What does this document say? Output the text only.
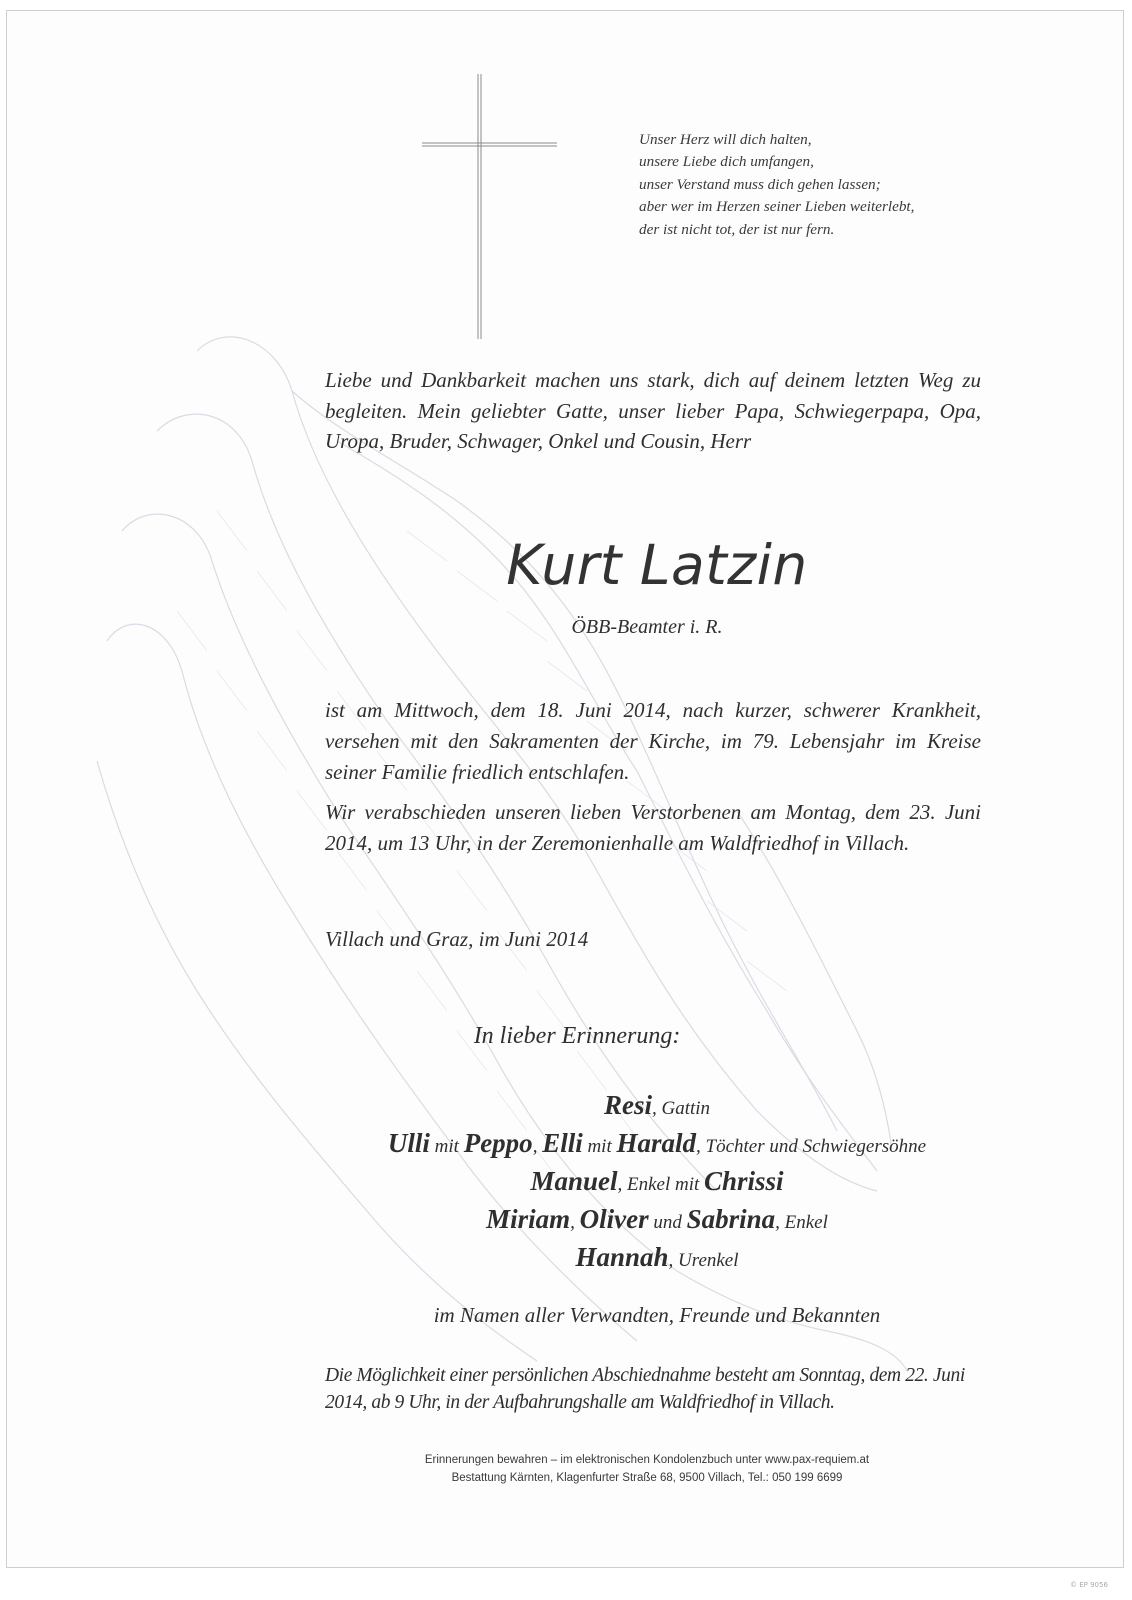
Unser Herz will dich halten,
unsere Liebe dich umfangen,
unser Verstand muss dich gehen lassen;
aber wer im Herzen seiner Lieben weiterlebt,
der ist nicht tot, der ist nur fern.
Liebe und Dankbarkeit machen uns stark, dich auf deinem letzten Weg zu begleiten. Mein geliebter Gatte, unser lieber Papa, Schwiegerpapa, Opa, Uropa, Bruder, Schwager, Onkel und Cousin, Herr
Kurt Latzin
ÖBB-Beamter i. R.
ist am Mittwoch, dem 18. Juni 2014, nach kurzer, schwerer Krankheit, versehen mit den Sakramenten der Kirche, im 79. Lebensjahr im Kreise seiner Familie friedlich entschlafen.
Wir verabschieden unseren lieben Verstorbenen am Montag, dem 23. Juni 2014, um 13 Uhr, in der Zeremonienhalle am Waldfriedhof in Villach.
Villach und Graz, im Juni 2014
In lieber Erinnerung:
Resi, Gattin
Ulli mit Peppo, Elli mit Harald, Töchter und Schwiegersöhne
Manuel, Enkel mit Chrissi
Miriam, Oliver und Sabrina, Enkel
Hannah, Urenkel
im Namen aller Verwandten, Freunde und Bekannten
Die Möglichkeit einer persönlichen Abschiednahme besteht am Sonntag, dem 22. Juni 2014, ab 9 Uhr, in der Aufbahrungshalle am Waldfriedhof in Villach.
Erinnerungen bewahren – im elektronischen Kondolenzbuch unter www.pax-requiem.at
Bestattung Kärnten, Klagenfurter Straße 68, 9500 Villach, Tel.: 050 199 6699
© EP 9056
